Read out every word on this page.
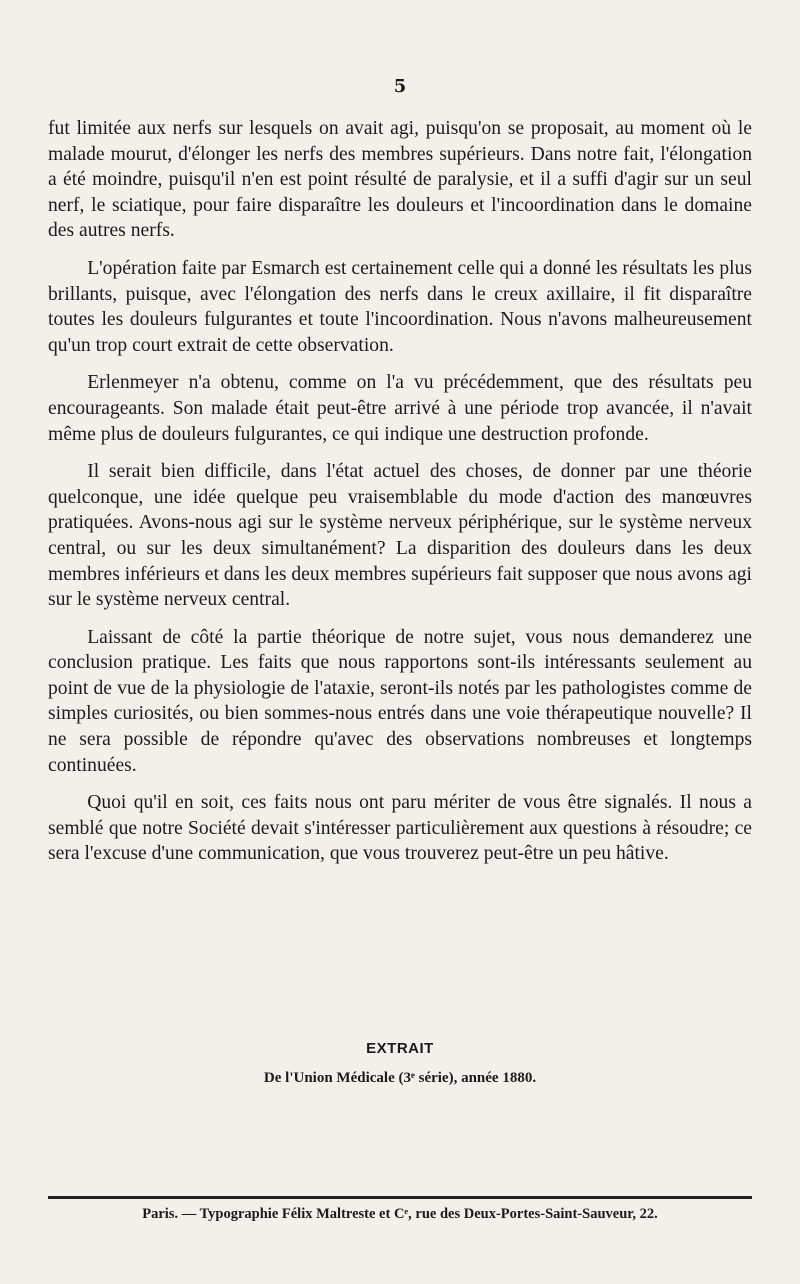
5

fut limitée aux nerfs sur lesquels on avait agi, puisqu'on se proposait, au moment où le malade mourut, d'élonger les nerfs des membres supérieurs. Dans notre fait, l'élongation a été moindre, puisqu'il n'en est point résulté de paralysie, et il a suffi d'agir sur un seul nerf, le sciatique, pour faire disparaître les douleurs et l'incoordination dans le domaine des autres nerfs.

L'opération faite par Esmarch est certainement celle qui a donné les résultats les plus brillants, puisque, avec l'élongation des nerfs dans le creux axillaire, il fit disparaître toutes les douleurs fulgurantes et toute l'incoordination. Nous n'avons malheureusement qu'un trop court extrait de cette observation.

Erlenmeyer n'a obtenu, comme on l'a vu précédemment, que des résultats peu encourageants. Son malade était peut-être arrivé à une période trop avancée, il n'avait même plus de douleurs fulgurantes, ce qui indique une destruction profonde.

Il serait bien difficile, dans l'état actuel des choses, de donner par une théorie quelconque, une idée quelque peu vraisemblable du mode d'action des manœuvres pratiquées. Avons-nous agi sur le système nerveux périphérique, sur le système nerveux central, ou sur les deux simultanément? La disparition des douleurs dans les deux membres inférieurs et dans les deux membres supérieurs fait supposer que nous avons agi sur le système nerveux central.

Laissant de côté la partie théorique de notre sujet, vous nous demanderez une conclusion pratique. Les faits que nous rapportons sont-ils intéressants seulement au point de vue de la physiologie de l'ataxie, seront-ils notés par les pathologistes comme de simples curiosités, ou bien sommes-nous entrés dans une voie thérapeutique nouvelle? Il ne sera possible de répondre qu'avec des observations nombreuses et longtemps continuées.

Quoi qu'il en soit, ces faits nous ont paru mériter de vous être signalés. Il nous a semblé que notre Société devait s'intéresser particulièrement aux questions à résoudre; ce sera l'excuse d'une communication, que vous trouverez peut-être un peu hâtive.

EXTRAIT
De l'Union Médicale (3ᵉ série), année 1880.
Paris. — Typographie Félix Maltreste et Cᵉ, rue des Deux-Portes-Saint-Sauveur, 22.
